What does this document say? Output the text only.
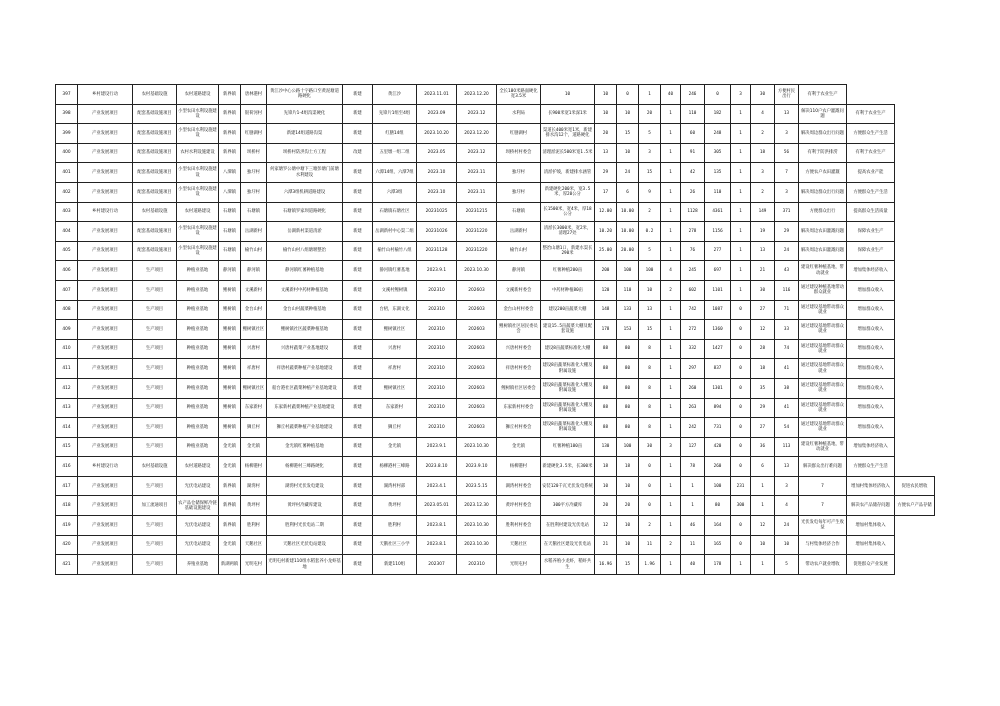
397	乡村建设行动	农村基础设施	农村道路建设	新界镇	唐林港村	黄江沙中心公路十字路口至黄泥塘道路硬化	新建	黄江沙	2023.11.01	2023.12.20	全长180米路面硬化宽3.5米	10	10	0	1	40	246	0	3	30	方便村民出行	有利于农业生产		
398	产业发展项目	配套基础设施项目	小型农田水利设施建设	新界镇	银荷河村	先锋片1-4组沟渠硬化	新建	先锋片1组至4组	2023.09	2023.12	水利局	长900米宽1米深1米	10	10	20	1	110	182	1	4	13	解决110户农户灌溉问题	有利于农业生产	
399	产业发展项目	配套基础设施项目	小型农田水利设施建设	新界镇	红膳湖村	新建14组道路沟渠	新建	红膳14组	2023.10.20	2023.12.20	红膳湖村	渠道长400米宽1米，新建排水沟12个，道路硬化	20	15	5	1	60	248	1	2	3	解决周边群众出行问题	方便群众生产生活	
400	产业发展项目	配套基础设施项目	农村水利设施建设	新界镇	坝桥村	坝桥村防洪沟土方工程	改建	五里墩一组二组	2023.05	2023.12	坝桥村村委会	清理淤泥长500米宽1.5米	13	10	3	1	91	305	1	18	56	有利于防洪排涝	有利于农业生产	
401	产业发展项目	配套基础设施项目	小型农田水利设施建设	八潭镇	独圩村	何家塘罗公塘中塘下三塘彭塘门前塘水利建设	新建	六潭14组、六潭7组	2023.10	2023.11	独圩村	清淤护坡，新建排水涵管	29	24	15	1	42	135	1	3	7	方便农户农田灌溉	提高农业产能	
402	产业发展项目	配套基础设施项目	小型农田水利设施建设	八潭镇	独圩村	六潭3组机耕道路建设	新建	六潭3组	2023.10	2023.11	独圩村	新建硬化200米，宽3.5米，厚20公分	17	6	9	1	26	110	1	2	3	解决周边群众出行问题	方便群众生产生活	
403	乡村建设行动	农村基础设施	农村道路建设	石塘镇	石塘镇	石塘镇罗家坝道路硬化	新建	石塘镇石塘社区	20231025	20231215	石塘镇	长1500米，宽4米，厚18公分	12.00	10.00	2	1	1128	4361	1	149	371	方便群众出行	提高群众生活质量	
404	产业发展项目	配套基础设施项目	小型农田水利设施建设	石塘镇	岳湖新村	岳湖新村渠道清淤	新建	岳湖新村中心渠二组	20231026	20231220	岳湖新村	清淤长3000米，宽2米，清理27处	10.20	10.00	0.2	1	278	1156	1	19	29	解决周边农田灌溉问题	保障农业生产	
405	产业发展项目	配套基础设施项目	小型农田水利设施建设	石塘镇	榆竹山村	榆竹山村八组塘堰整治	新建	榆竹山村榆竹八组	20231128	20231220	榆竹山村	整治山塘1口，新建水渠长290米	25.00	20.00	5	1	76	277	1	13	24	解决周边农田灌溉问题	保障农业生产	
406	产业发展项目	生产项目	种植业基地	静河镇	静河镇	静河镇红薯种植基地	新建	静河镇红薯基地	2023.9.1	2023.10.30	静河镇	红薯种植200亩	200	100	100	4	245	697	1	21	43	建设红薯种植基地，带动就业	增加集体经济收入	
407	产业发展项目	生产项目	种植业基地	鲤树镇	文溪新村	文溪新村中药材种植基地	新建	文溪村鲤树镇	202310	202603	文溪新村委会	中药材种植80亩	120	110	10	2	602	1101	1	30	116	通过建设种植基地带动群众就业	增加群众收入	
408	产业发展项目	生产项目	种植业基地	鲤树镇	金台山村	金台山村蔬菜种植基地	新建	台梧，东湖文化	202310	202603	金台山村村委会	建设200亩蔬菜大棚	148	133	13	1	742	1087	0	27	71	通过建设基地带动群众就业	增加群众收入	
409	产业发展项目	生产项目	种植业基地	鲤树镇	鲤树镇社区	鲤树镇社区蔬菜种植基地	新建	鲤树镇社区	202310	202603	鲤树镇社区居民委员会	建设15.5亩蔬菜大棚及配套设施	178	153	15	1	272	1360	0	12	33	通过建设基地带动群众就业	增加群众收入	
410	产业发展项目	生产项目	种植业基地	鲤树镇	兴唐村	兴唐村蔬菜产业基地建设	新建	兴唐村	202310	202603	兴唐村村委会	建设8亩蔬菜标准化大棚	88	80	8	1	332	1427	0	28	74	通过建设基地带动群众就业	增加群众收入	
411	产业发展项目	生产项目	种植业基地	鲤树镇	祥唐村	祥唐村蔬菜种植产业基地建设	新建	祥唐村	202310	202603	祥唐村村委会	建设8亩蔬菜标准化大棚及附属设施	88	80	8	1	297	837	0	18	41	通过建设基地带动群众就业	增加群众收入	
412	产业发展项目	生产项目	种植业基地	鲤树镇	鲤树镇社区	船台港社区蔬菜种植产业基地建设	新建	鲤树镇社区	202310	202603	鲤树镇社区居委会	建设8亩蔬菜标准化大棚及附属设施	88	80	8	1	260	1301	0	35	38	通过建设基地带动群众就业	增加群众收入	
413	产业发展项目	生产项目	种植业基地	鲤树镇	东家新村	东家新村蔬菜种植产业基地建设	新建	东家新村	202310	202603	东家新村村委会	建设8亩蔬菜标准化大棚及附属设施	88	80	8	1	263	894	0	29	41	通过建设基地带动群众就业	增加群众收入	
414	产业发展项目	生产项目	种植业基地	鲤树镇	狮丘村	狮丘村蔬菜种植产业基地建设	新建	狮丘村	202310	202603	狮丘村村委会	建设8亩蔬菜标准化大棚及附属设施	88	80	8	1	242	731	0	27	54	通过建设基地带动群众就业	增加群众收入	
415	产业发展项目	生产项目	种植业基地	金光镇	金光镇	金光镇红薯种植基地	新建	金光镇	2023.9.1	2023.10.30	金光镇	红薯种植100亩	130	100	30	3	127	420	0	36	113	建设红薯种植基地，带动就业	增加集体经济收入	
416	乡村建设行动	农村基础设施	农村道路建设	金光镇	杨柳港村	杨柳港村三峰路硬化	新建	杨柳港村三峰路	2023.8.10	2023.9.10	杨柳港村	新建硬化3.5米，长300米	18	18	0	1	78	260	0	6	13	解决群众出行难问题	方便群众生产生活	
417	产业发展项目	生产项目	光伏电站建设	新界镇	湖湾村	湖湾村光伏发电建设	新建	湖湾村村部	2023.4.1	2023.5.15	湖湾村村委会	安装120千瓦光伏发电系统	10	10	0	1	1	100	231	1	3	7	增加村集体经济收入	促进农民增收
418	产业发展项目	加工流通项目	农产品仓储保鲜冷链基础设施建设	新界镇	黄坪村	黄坪村冷藏库建设	新建	黄坪村	2023.05.01	2023.12.30	黄坪村村委会	300平方冷藏库	20	20	0	1	1	80	300	1	4	7	解决农产品储存问题	方便农户产品存储
419	产业发展项目	生产项目	光伏电站建设	新界镇	胜利村	胜利村光伏电站二期	新建	胜利村	2023.8.1	2023.10.30	胜利村村委会	在胜利村建设光伏电站	12	10	2	1	46	164	0	12	24	光伏发电每年可产生收益	增加村集体收入	
420	产业发展项目	生产项目	光伏电站建设	金光镇	天鹅社区	天鹅社区光伏电站建设	新建	天鹅社区三小学	2023.8.1	2023.10.30	天鹅社区	在天鹅社区建设光伏电站	21	10	11	2	11	165	0	10	10	与村集体经济合作	增加村集体收入	
421	产业发展项目	生产项目	养殖业基地	新湖两镇	光明屯村	光明屯村新建110组水稻套养小龙虾基地	新建	新建110组	202307	202310	光明屯村	水稻养殖小龙虾，稻虾共生	16.96	15	1.96	1	40	178	1	1	5	带动农户就业增收	促进群众产业发展	
